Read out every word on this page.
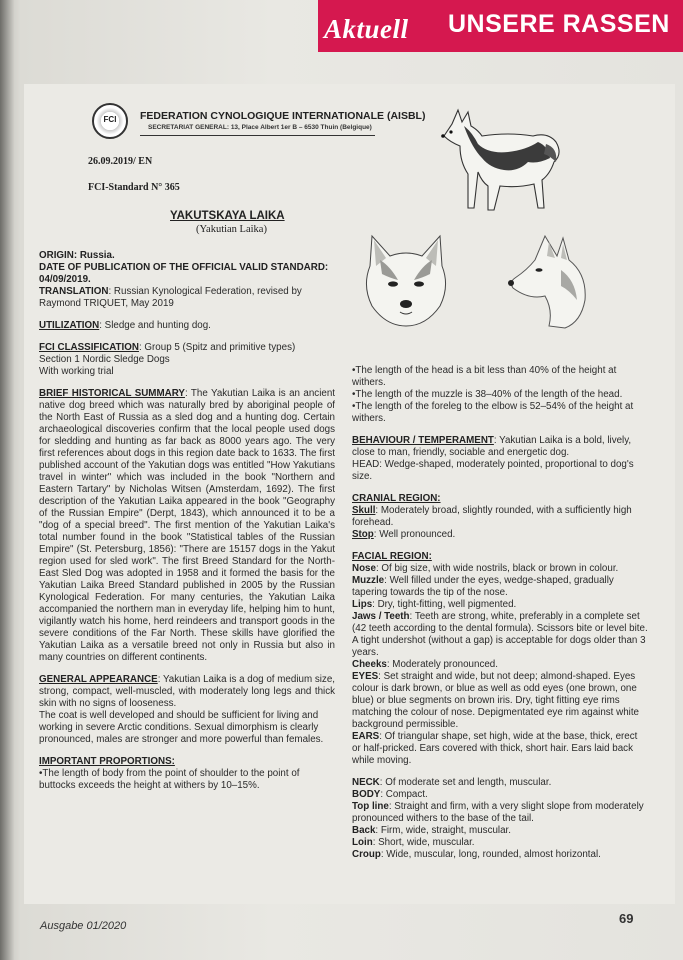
Aktuell UNSERE RASSEN
FCI	FEDERATION CYNOLOGIQUE INTERNATIONALE (AISBL)
SECRETARIAT GENERAL: 13, Place Albert 1er B – 6530 Thuin (Belgique)
26.09.2019/ EN
FCI-Standard N° 365
YAKUTSKAYA LAIKA
(Yakutian Laika)

ORIGIN: Russia.

DATE OF PUBLICATION OF THE OFFICIAL VALID STANDARD: 04/09/2019.

TRANSLATION: Russian Kynological Federation, revised by Raymond TRIQUET, May 2019

UTILIZATION: Sledge and hunting dog.

FCI CLASSIFICATION: Group 5 (Spitz and primitive types)
Section 1 Nordic Sledge Dogs
With working trial

BRIEF HISTORICAL SUMMARY: The Yakutian Laika is an ancient native dog breed which was naturally bred by aboriginal people of the North East of Russia as a sled dog and a hunting dog. Certain archaeological discoveries confirm that the local people used dogs for sledding and hunting as far back as 8000 years ago. The very first references about dogs in this region date back to 1633. The first published account of the Yakutian dogs was entitled "How Yakutians travel in winter" which was included in the book "Northern and Eastern Tartary" by Nicholas Witsen (Amsterdam, 1692). The first description of the Yakutian Laika appeared in the book "Geography of the Russian Empire" (Derpt, 1843), which announced it to be a "dog of a special breed". The first mention of the Yakutian Laika's total number found in the book "Statistical tables of the Russian Empire" (St. Petersburg, 1856): "There are 15157 dogs in the Yakut region used for sled work". The first Breed Standard for the North-East Sled Dog was adopted in 1958 and it formed the basis for the Yakutian Laika Breed Standard published in 2005 by the Russian Kynological Federation. For many centuries, the Yakutian Laika accompanied the northern man in everyday life, helping him to hunt, vigilantly watch his home, herd reindeers and transport goods in the severe conditions of the Far North. These skills have glorified the Yakutian Laika as a versatile breed not only in Russia but also in many countries on different continents.

GENERAL APPEARANCE: Yakutian Laika is a dog of medium size, strong, compact, well-muscled, with moderately long legs and thick skin with no signs of looseness.

The coat is well developed and should be sufficient for living and working in severe Arctic conditions. Sexual dimorphism is clearly pronounced, males are stronger and more powerful than females.

IMPORTANT PROPORTIONS:

•The length of body from the point of shoulder to the point of buttocks exceeds the height at withers by 10–15%.

•The length of the head is a bit less than 40% of the height at withers.

•The length of the muzzle is 38–40% of the length of the head.

•The length of the foreleg to the elbow is 52–54% of the height at withers.

BEHAVIOUR / TEMPERAMENT: Yakutian Laika is a bold, lively, close to man, friendly, sociable and energetic dog.

HEAD: Wedge-shaped, moderately pointed, proportional to dog's size.

CRANIAL REGION:

Skull: Moderately broad, slightly rounded, with a sufficiently high forehead.

Stop: Well pronounced.

FACIAL REGION:

Nose: Of big size, with wide nostrils, black or brown in colour.

Muzzle: Well filled under the eyes, wedge-shaped, gradually tapering towards the tip of the nose.

Lips: Dry, tight-fitting, well pigmented.

Jaws / Teeth: Teeth are strong, white, preferably in a complete set (42 teeth according to the dental formula). Scissors bite or level bite. A tight undershot (without a gap) is acceptable for dogs older than 3 years.

Cheeks: Moderately pronounced.

EYES: Set straight and wide, but not deep; almond-shaped. Eyes colour is dark brown, or blue as well as odd eyes (one brown, one blue) or blue segments on brown iris. Dry, tight fitting eye rims matching the colour of nose. Depigmentated eye rim against white background permissible.

EARS: Of triangular shape, set high, wide at the base, thick, erect or half-pricked. Ears covered with thick, short hair. Ears laid back while moving.

NECK: Of moderate set and length, muscular.

BODY: Compact.

Top line: Straight and firm, with a very slight slope from moderately pronounced withers to the base of the tail.

Back: Firm, wide, straight, muscular.

Loin: Short, wide, muscular.

Croup: Wide, muscular, long, rounded, almost horizontal.

Ausgabe 01/2020	69
